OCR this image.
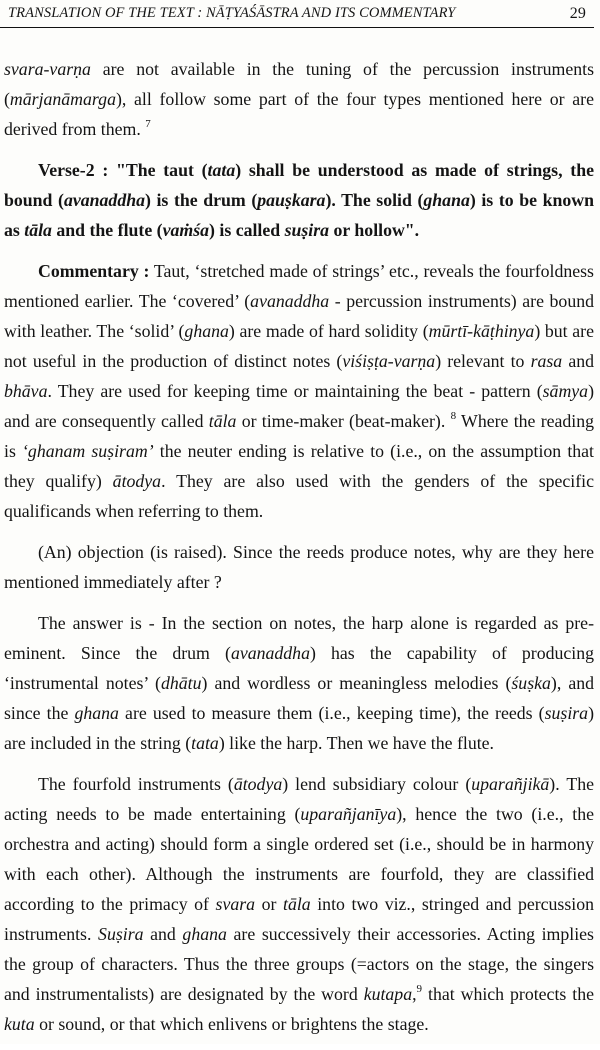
TRANSLATION OF THE TEXT : NĀṬYAŚĀSTRA AND ITS COMMENTARY	29

svara-varṇa are not available in the tuning of the percussion instruments (mārjanāmarga), all follow some part of the four types mentioned here or are derived from them. $^7$

Verse-2 : "The taut (tata) shall be understood as made of strings, the bound (avanaddha) is the drum (pauṣkara). The solid (ghana) is to be known as tāla and the flute (vaṁśa) is called suṣira or hollow".

Commentary : Taut, ‘stretched made of strings’ etc., reveals the fourfoldness mentioned earlier. The ‘covered’ (avanaddha - percussion instruments) are bound with leather. The ‘solid’ (ghana) are made of hard solidity (mūrtī-kāṭhinya) but are not useful in the production of distinct notes (viśiṣṭa-varṇa) relevant to rasa and bhāva. They are used for keeping time or maintaining the beat - pattern (sāmya) and are consequently called tāla or time-maker (beat-maker). $^8$ Where the reading is ‘ghanam suṣiram’ the neuter ending is relative to (i.e., on the assumption that they qualify) ātodya. They are also used with the genders of the specific qualificands when referring to them.

(An) objection (is raised). Since the reeds produce notes, why are they here mentioned immediately after ?

The answer is - In the section on notes, the harp alone is regarded as pre-eminent. Since the drum (avanaddha) has the capability of producing ‘instrumental notes’ (dhātu) and wordless or meaningless melodies (śuṣka), and since the ghana are used to measure them (i.e., keeping time), the reeds (suṣira) are included in the string (tata) like the harp. Then we have the flute.

The fourfold instruments (ātodya) lend subsidiary colour (uparañjikā). The acting needs to be made entertaining (uparañjanīya), hence the two (i.e., the orchestra and acting) should form a single ordered set (i.e., should be in harmony with each other). Although the instruments are fourfold, they are classified according to the primacy of svara or tāla into two viz., stringed and percussion instruments. Suṣira and ghana are successively their accessories. Acting implies the group of characters. Thus the three groups (=actors on the stage, the singers and instrumentalists) are designated by the word kutapa,$^9$ that which protects the kuta or sound, or that which enlivens or brightens the stage.
